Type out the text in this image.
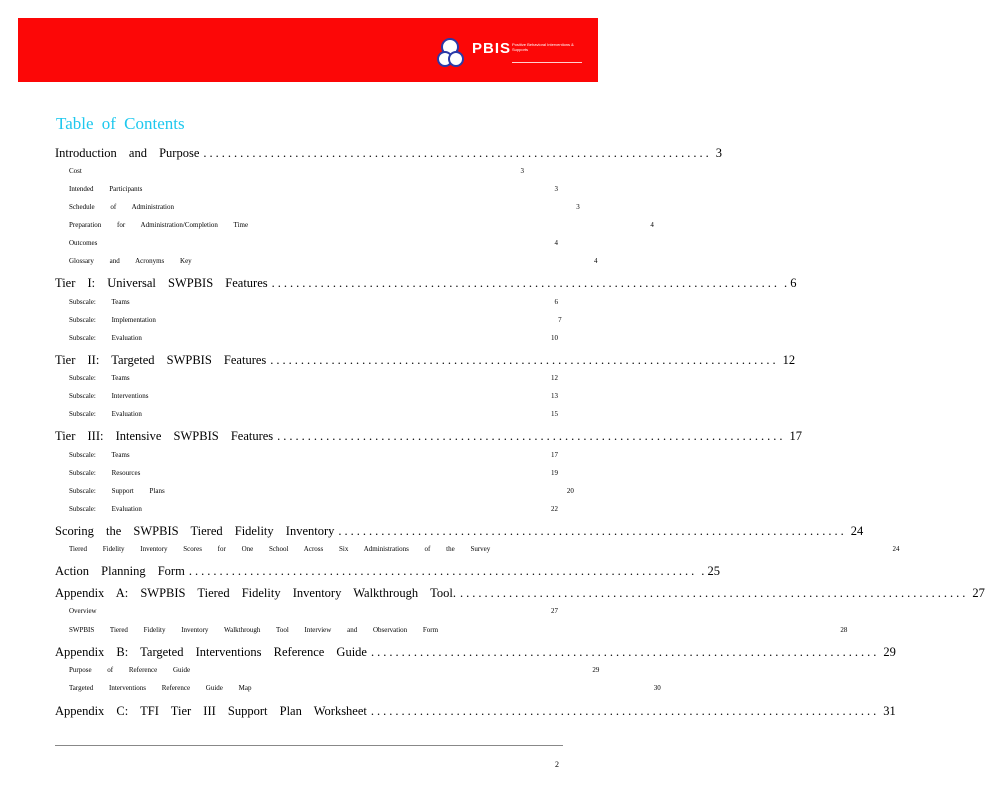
PBIS Positive Behavioral Interventions & Supports
Table of Contents
Introduction and Purpose ................................................................................... 3
Cost	3
Intended Participants	3
Schedule of Administration	3
Preparation for Administration/Completion Time	4
Outcomes	4
Glossary and Acronyms Key	4
Tier I: Universal SWPBIS Features ................................................................................... . 6
Subscale: Teams	6
Subscale: Implementation	7
Subscale: Evaluation	10
Tier II: Targeted SWPBIS Features ................................................................................... 12
Subscale: Teams	12
Subscale: Interventions	13
Subscale: Evaluation	15
Tier III: Intensive SWPBIS Features ................................................................................... 17
Subscale: Teams	17
Subscale: Resources	19
Subscale: Support Plans	20
Subscale: Evaluation	22
Scoring the SWPBIS Tiered Fidelity Inventory ................................................................................... 24
Tiered Fidelity Inventory Scores for One School Across Six Administrations of the Survey	24
Action Planning Form ................................................................................... . 25
Appendix A: SWPBIS Tiered Fidelity Inventory Walkthrough Tool. ................................................................................... 27
Overview	27
SWPBIS Tiered Fidelity Inventory Walkthrough Tool Interview and Observation Form	28
Appendix B: Targeted Interventions Reference Guide ................................................................................... 29
Purpose of Reference Guide	29
Targeted Interventions Reference Guide Map	30
Appendix C: TFI Tier III Support Plan Worksheet ................................................................................... 31
2
